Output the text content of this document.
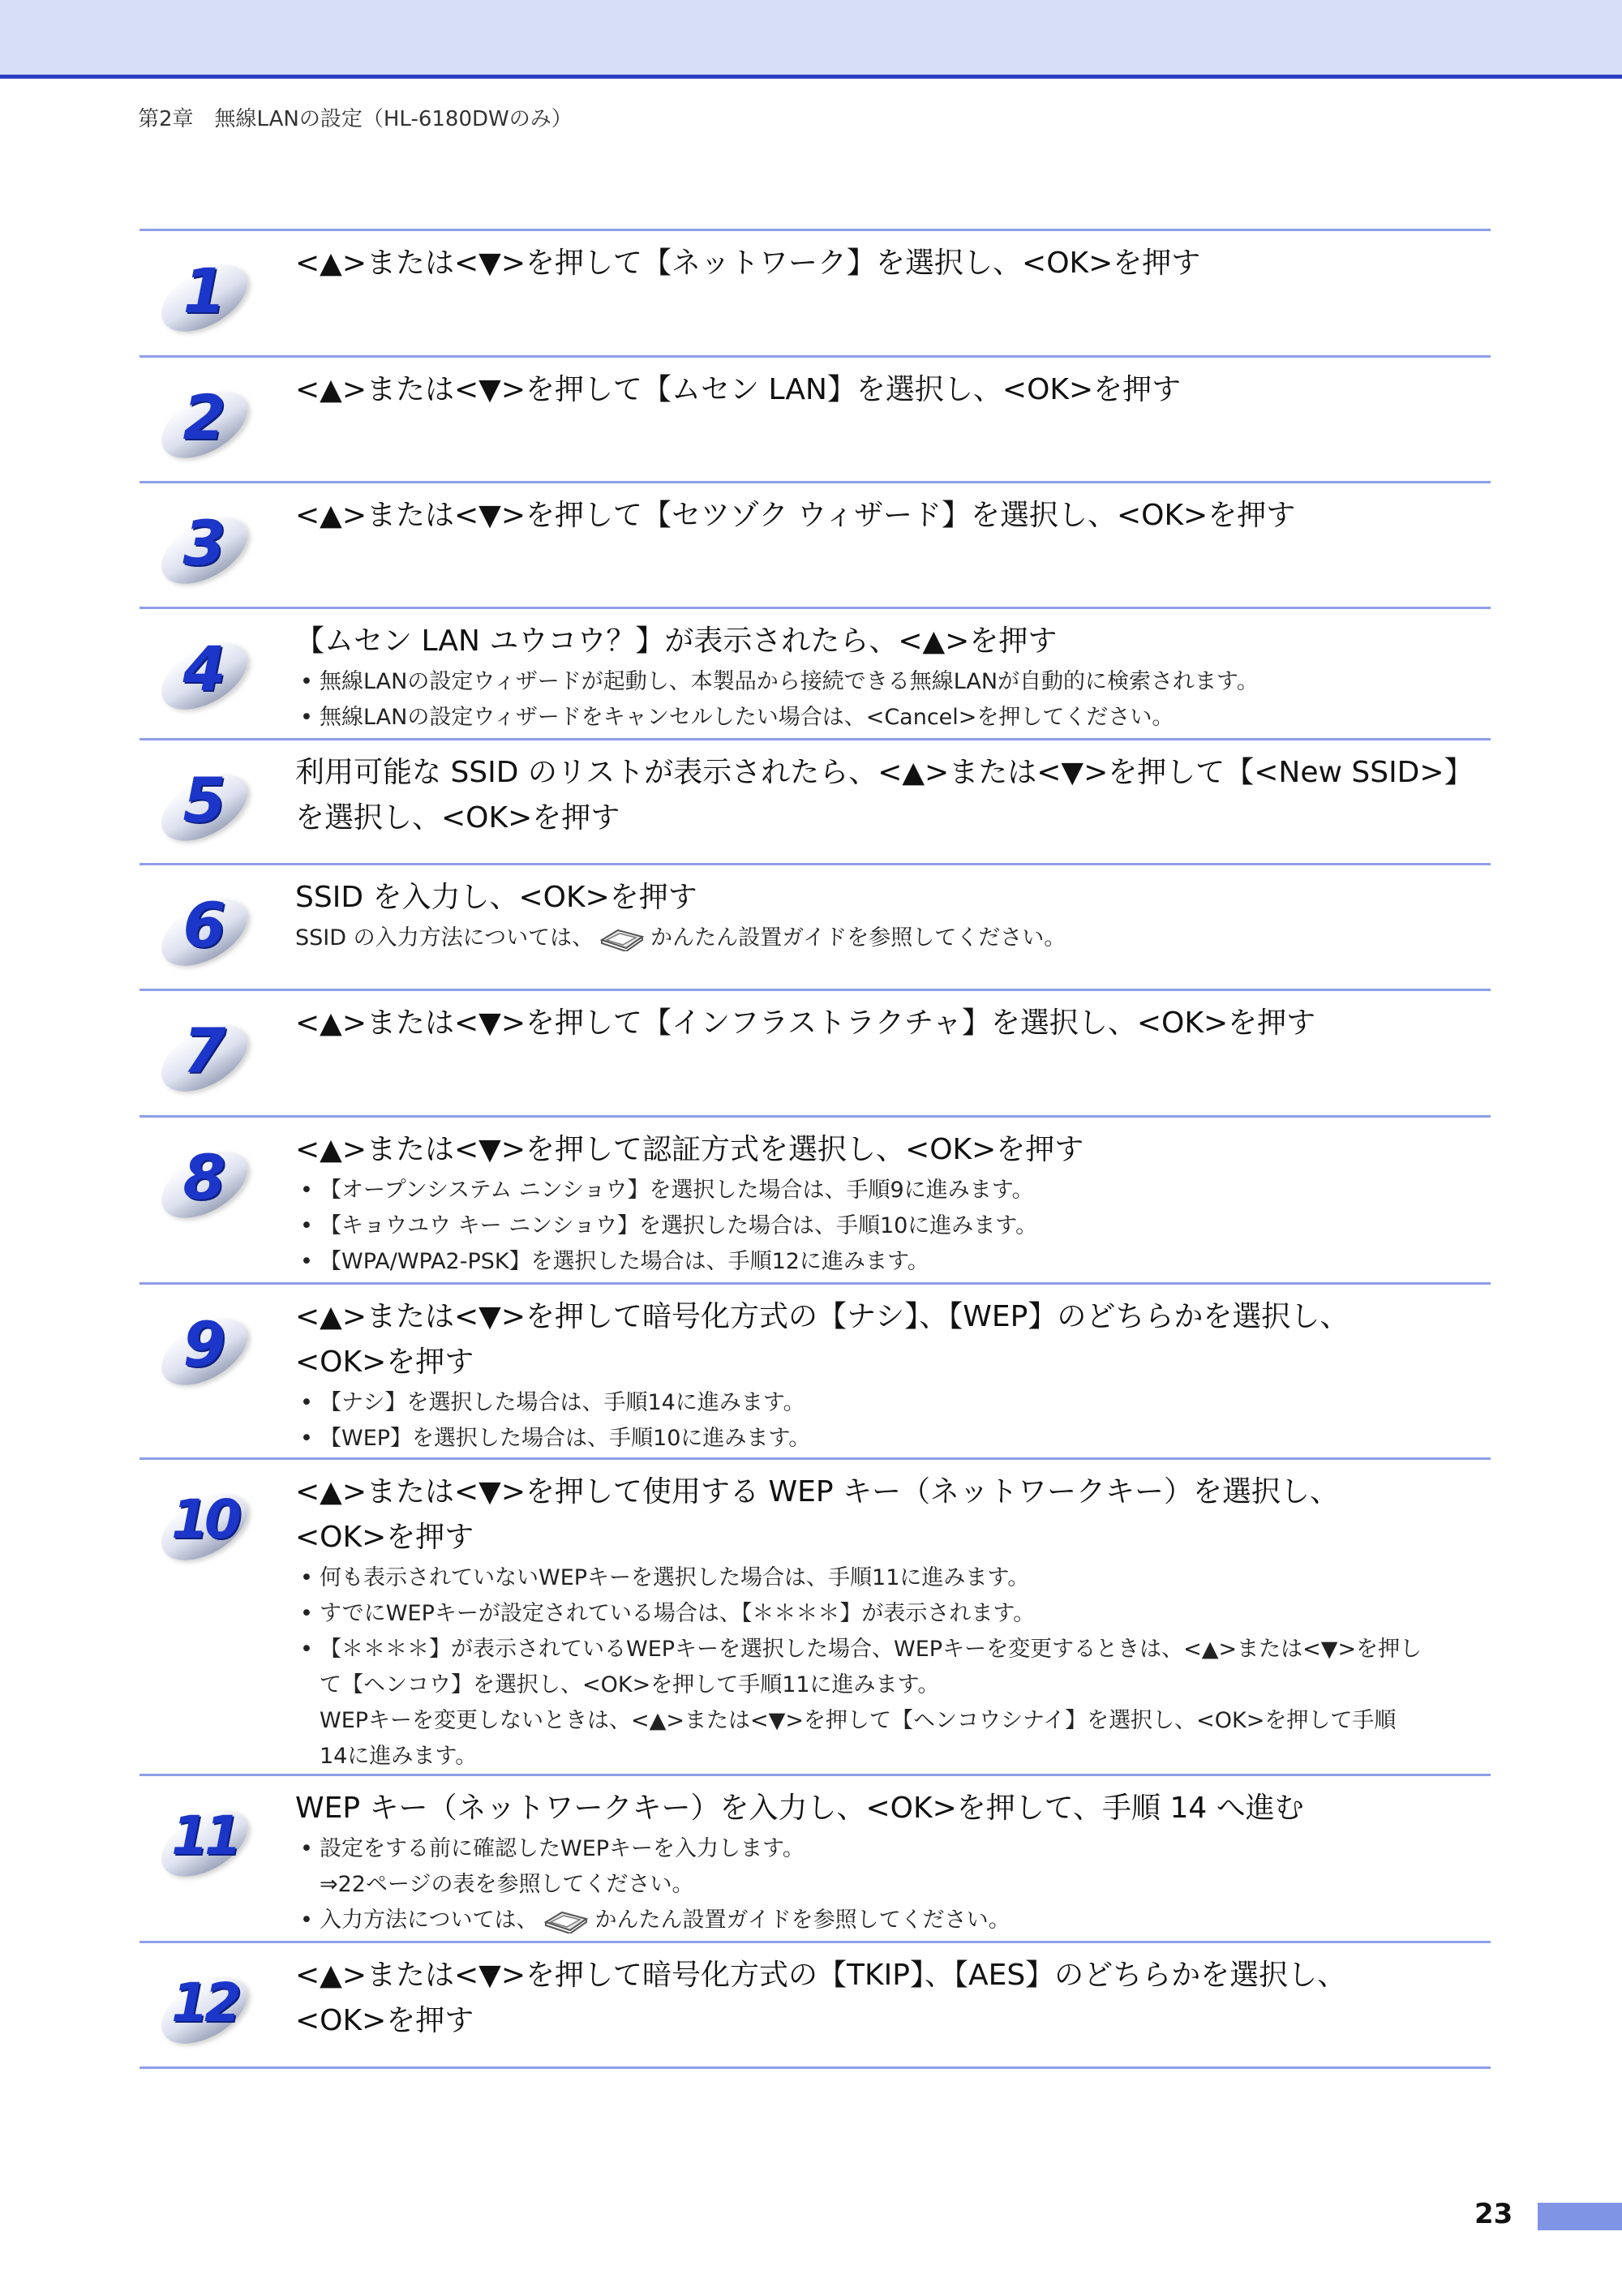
第2章　無線LANの設定（HL-6180DWのみ）
1	<▲>または<▼>を押して【ネットワーク】を選択し、<OK>を押す
2	<▲>または<▼>を押して【ムセン LAN】を選択し、<OK>を押す
3	<▲>または<▼>を押して【セツゾク ウィザード】を選択し、<OK>を押す
4	【ムセン LAN ユウコウ？】が表示されたら、<▲>を押す
• 無線LANの設定ウィザードが起動し、本製品から接続できる無線LANが自動的に検索されます。
• 無線LANの設定ウィザードをキャンセルしたい場合は、<Cancel>を押してください。
5	利用可能な SSID のリストが表示されたら、<▲>または<▼>を押して【<New SSID>】
を選択し、<OK>を押す
6	SSID を入力し、<OK>を押す
SSID の入力方法については、	かんたん設置ガイドを参照してください。
7	<▲>または<▼>を押して【インフラストラクチャ】を選択し、<OK>を押す
8	<▲>または<▼>を押して認証方式を選択し、<OK>を押す
• 【オープンシステム ニンショウ】を選択した場合は、手順9に進みます。
• 【キョウユウ キー ニンショウ】を選択した場合は、手順10に進みます。
• 【WPA/WPA2-PSK】を選択した場合は、手順12に進みます。
9	<▲>または<▼>を押して暗号化方式の【ナシ】、【WEP】のどちらかを選択し、
<OK>を押す
• 【ナシ】を選択した場合は、手順14に進みます。
• 【WEP】を選択した場合は、手順10に進みます。
10	<▲>または<▼>を押して使用する WEP キー（ネットワークキー）を選択し、
<OK>を押す
• 何も表示されていないWEPキーを選択した場合は、手順11に進みます。
• すでにWEPキーが設定されている場合は、【＊＊＊＊】が表示されます。
• 【＊＊＊＊】が表示されているWEPキーを選択した場合、WEPキーを変更するときは、<▲>または<▼>を押し
て【ヘンコウ】を選択し、<OK>を押して手順11に進みます。
WEPキーを変更しないときは、<▲>または<▼>を押して【ヘンコウシナイ】を選択し、<OK>を押して手順
14に進みます。
11	WEP キー（ネットワークキー）を入力し、<OK>を押して、手順 14 へ進む
• 設定をする前に確認したWEPキーを入力します。
⇒22ページの表を参照してください。
• 入力方法については、	かんたん設置ガイドを参照してください。
12	<▲>または<▼>を押して暗号化方式の【TKIP】、【AES】のどちらかを選択し、
<OK>を押す
23
